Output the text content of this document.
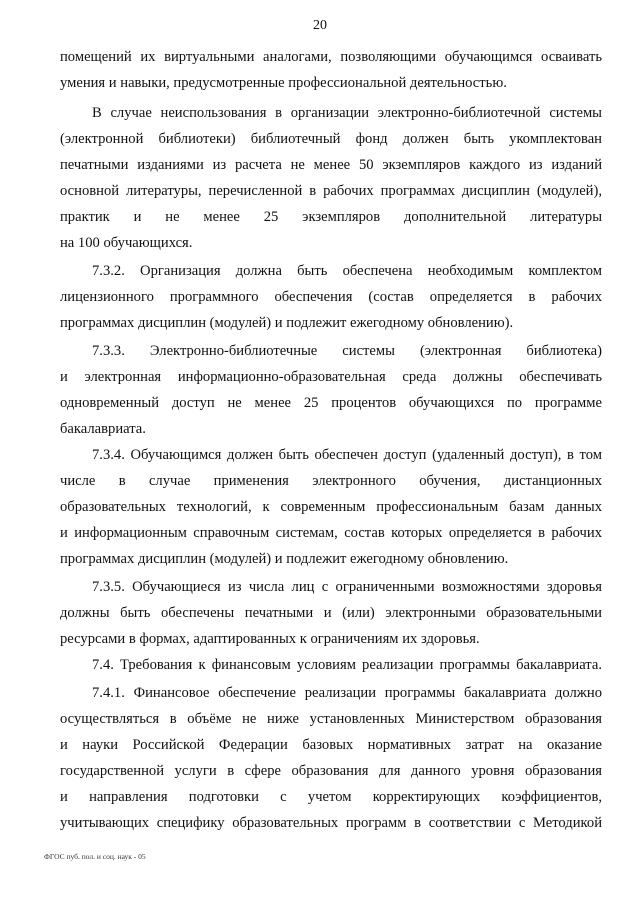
20
помещений их виртуальными аналогами, позволяющими обучающимся осваивать
умения и навыки, предусмотренные профессиональной деятельностью.
В случае неиспользования в организации электронно-библиотечной системы
(электронной библиотеки) библиотечный фонд должен быть укомплектован
печатными изданиями из расчета не менее 50 экземпляров каждого из изданий
основной литературы, перечисленной в рабочих программах дисциплин (модулей),
практик и не менее 25 экземпляров дополнительной литературы
на 100 обучающихся.
7.3.2. Организация должна быть обеспечена необходимым комплектом
лицензионного программного обеспечения (состав определяется в рабочих
программах дисциплин (модулей) и подлежит ежегодному обновлению).
7.3.3. Электронно-библиотечные системы (электронная библиотека)
и электронная информационно-образовательная среда должны обеспечивать
одновременный доступ не менее 25 процентов обучающихся по программе
бакалавриата.
7.3.4. Обучающимся должен быть обеспечен доступ (удаленный доступ), в том
числе в случае применения электронного обучения, дистанционных
образовательных технологий, к современным профессиональным базам данных
и информационным справочным системам, состав которых определяется в рабочих
программах дисциплин (модулей) и подлежит ежегодному обновлению.
7.3.5. Обучающиеся из числа лиц с ограниченными возможностями здоровья
должны быть обеспечены печатными и (или) электронными образовательными
ресурсами в формах, адаптированных к ограничениям их здоровья.
7.4. Требования к финансовым условиям реализации программы бакалавриата.
7.4.1. Финансовое обеспечение реализации программы бакалавриата должно
осуществляться в объёме не ниже установленных Министерством образования
и науки Российской Федерации базовых нормативных затрат на оказание
государственной услуги в сфере образования для данного уровня образования
и направления подготовки с учетом корректирующих коэффициентов,
учитывающих специфику образовательных программ в соответствии с Методикой
ФГОС пуб. пол. и соц. наук - 05
